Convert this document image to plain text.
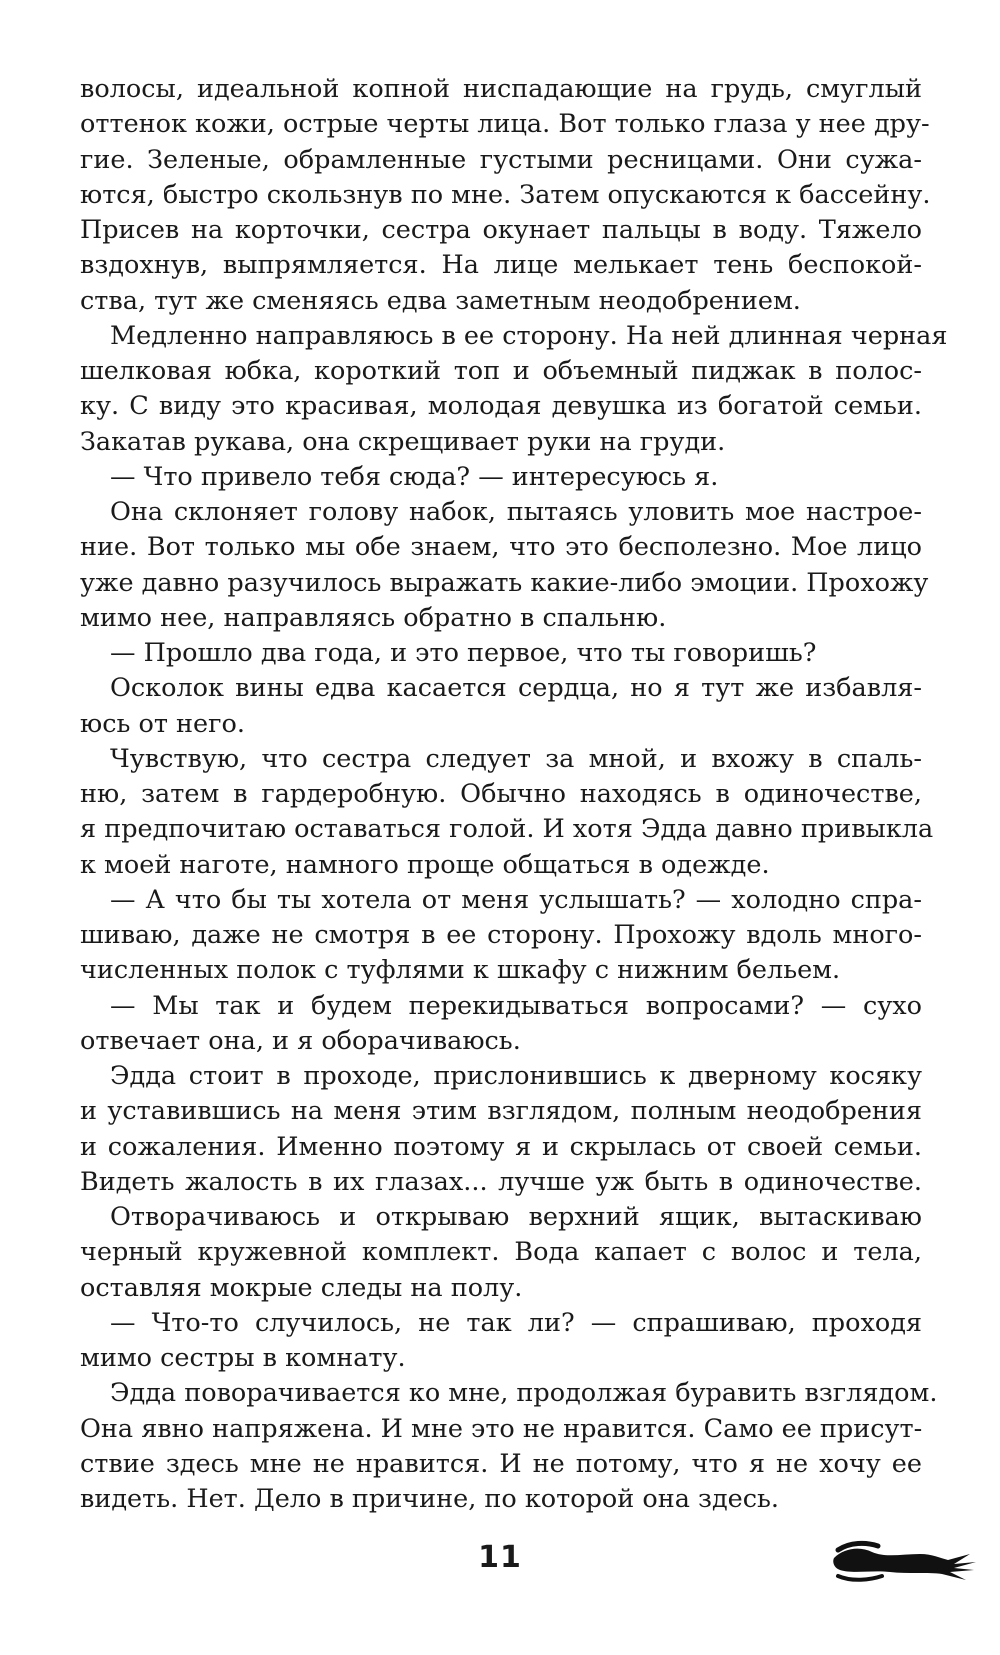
волосы, идеальной копной ниспадающие на грудь, смуглый
оттенок кожи, острые черты лица. Вот только глаза у нее дру-
гие. Зеленые, обрамленные густыми ресницами. Они сужа-
ются, быстро скользнув по мне. Затем опускаются к бассейну.
Присев на корточки, сестра окунает пальцы в воду. Тяжело
вздохнув, выпрямляется. На лице мелькает тень беспокой-
ства, тут же сменяясь едва заметным неодобрением.
Медленно направляюсь в ее сторону. На ней длинная черная
шелковая юбка, короткий топ и объемный пиджак в полос-
ку. С виду это красивая, молодая девушка из богатой семьи.
Закатав рукава, она скрещивает руки на груди.
— Что привело тебя сюда? — интересуюсь я.
Она склоняет голову набок, пытаясь уловить мое настрое-
ние. Вот только мы обе знаем, что это бесполезно. Мое лицо
уже давно разучилось выражать какие-либо эмоции. Прохожу
мимо нее, направляясь обратно в спальню.
— Прошло два года, и это первое, что ты говоришь?
Осколок вины едва касается сердца, но я тут же избавля-
юсь от него.
Чувствую, что сестра следует за мной, и вхожу в спаль-
ню, затем в гардеробную. Обычно находясь в одиночестве,
я предпочитаю оставаться голой. И хотя Эдда давно привыкла
к моей наготе, намного проще общаться в одежде.
— А что бы ты хотела от меня услышать? — холодно спра-
шиваю, даже не смотря в ее сторону. Прохожу вдоль много-
численных полок с туфлями к шкафу с нижним бельем.
— Мы так и будем перекидываться вопросами? — сухо
отвечает она, и я оборачиваюсь.
Эдда стоит в проходе, прислонившись к дверному косяку
и уставившись на меня этим взглядом, полным неодобрения
и сожаления. Именно поэтому я и скрылась от своей семьи.
Видеть жалость в их глазах... лучше уж быть в одиночестве.
Отворачиваюсь и открываю верхний ящик, вытаскиваю
черный кружевной комплект. Вода капает с волос и тела,
оставляя мокрые следы на полу.
— Что-то случилось, не так ли? — спрашиваю, проходя
мимо сестры в комнату.
Эдда поворачивается ко мне, продолжая буравить взглядом.
Она явно напряжена. И мне это не нравится. Само ее присут-
ствие здесь мне не нравится. И не потому, что я не хочу ее
видеть. Нет. Дело в причине, по которой она здесь.
11
